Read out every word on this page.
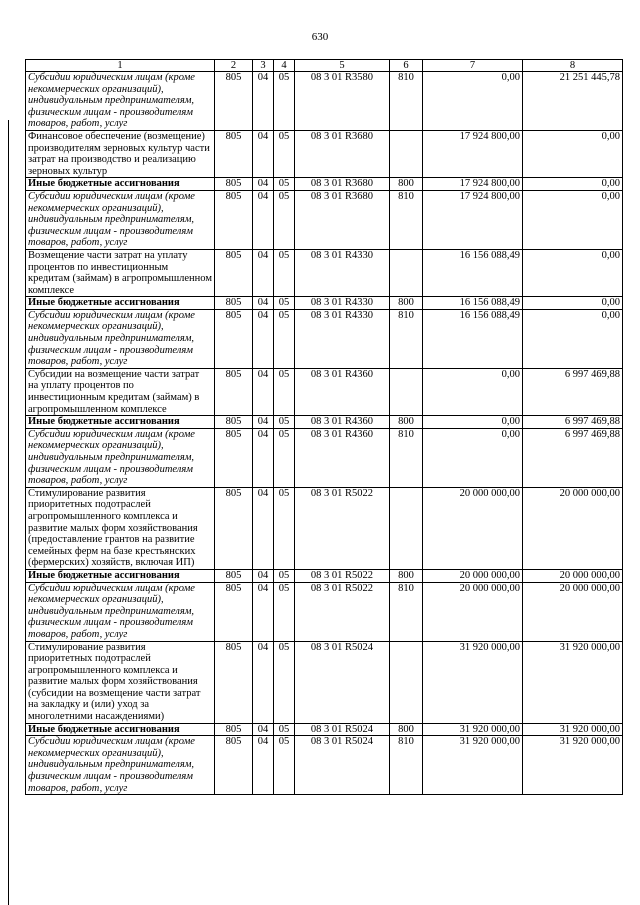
630
1	2	3	4	5	6	7	8
Субсидии юридическим лицам (кроме некоммерческих организаций), индивидуальным предпринимателям, физическим лицам - производителям товаров, работ, услуг	805	04	05	08 3 01 R3580	810	0,00	21 251 445,78
Финансовое обеспечение (возмещение) производителям зерновых культур части затрат на производство и реализацию зерновых культур	805	04	05	08 3 01 R3680		17 924 800,00	0,00
Иные бюджетные ассигнования	805	04	05	08 3 01 R3680	800	17 924 800,00	0,00
Субсидии юридическим лицам (кроме некоммерческих организаций), индивидуальным предпринимателям, физическим лицам - производителям товаров, работ, услуг	805	04	05	08 3 01 R3680	810	17 924 800,00	0,00
Возмещение части затрат на уплату процентов по инвестиционным кредитам (займам) в агропромышленном комплексе	805	04	05	08 3 01 R4330		16 156 088,49	0,00
Иные бюджетные ассигнования	805	04	05	08 3 01 R4330	800	16 156 088,49	0,00
Субсидии юридическим лицам (кроме некоммерческих организаций), индивидуальным предпринимателям, физическим лицам - производителям товаров, работ, услуг	805	04	05	08 3 01 R4330	810	16 156 088,49	0,00
Субсидии на возмещение части затрат на уплату процентов по инвестиционным кредитам (займам) в агропромышленном комплексе	805	04	05	08 3 01 R4360		0,00	6 997 469,88
Иные бюджетные ассигнования	805	04	05	08 3 01 R4360	800	0,00	6 997 469,88
Субсидии юридическим лицам (кроме некоммерческих организаций), индивидуальным предпринимателям, физическим лицам - производителям товаров, работ, услуг	805	04	05	08 3 01 R4360	810	0,00	6 997 469,88
Стимулирование развития приоритетных подотраслей агропромышленного комплекса и развитие малых форм хозяйствования (предоставление грантов на развитие семейных ферм на базе крестьянских (фермерских) хозяйств, включая ИП)	805	04	05	08 3 01 R5022		20 000 000,00	20 000 000,00
Иные бюджетные ассигнования	805	04	05	08 3 01 R5022	800	20 000 000,00	20 000 000,00
Субсидии юридическим лицам (кроме некоммерческих организаций), индивидуальным предпринимателям, физическим лицам - производителям товаров, работ, услуг	805	04	05	08 3 01 R5022	810	20 000 000,00	20 000 000,00
Стимулирование развития приоритетных подотраслей агропромышленного комплекса и развитие малых форм хозяйствования (субсидии на возмещение части затрат на закладку и (или) уход за многолетними насаждениями)	805	04	05	08 3 01 R5024		31 920 000,00	31 920 000,00
Иные бюджетные ассигнования	805	04	05	08 3 01 R5024	800	31 920 000,00	31 920 000,00
Субсидии юридическим лицам (кроме некоммерческих организаций), индивидуальным предпринимателям, физическим лицам - производителям товаров, работ, услуг	805	04	05	08 3 01 R5024	810	31 920 000,00	31 920 000,00
